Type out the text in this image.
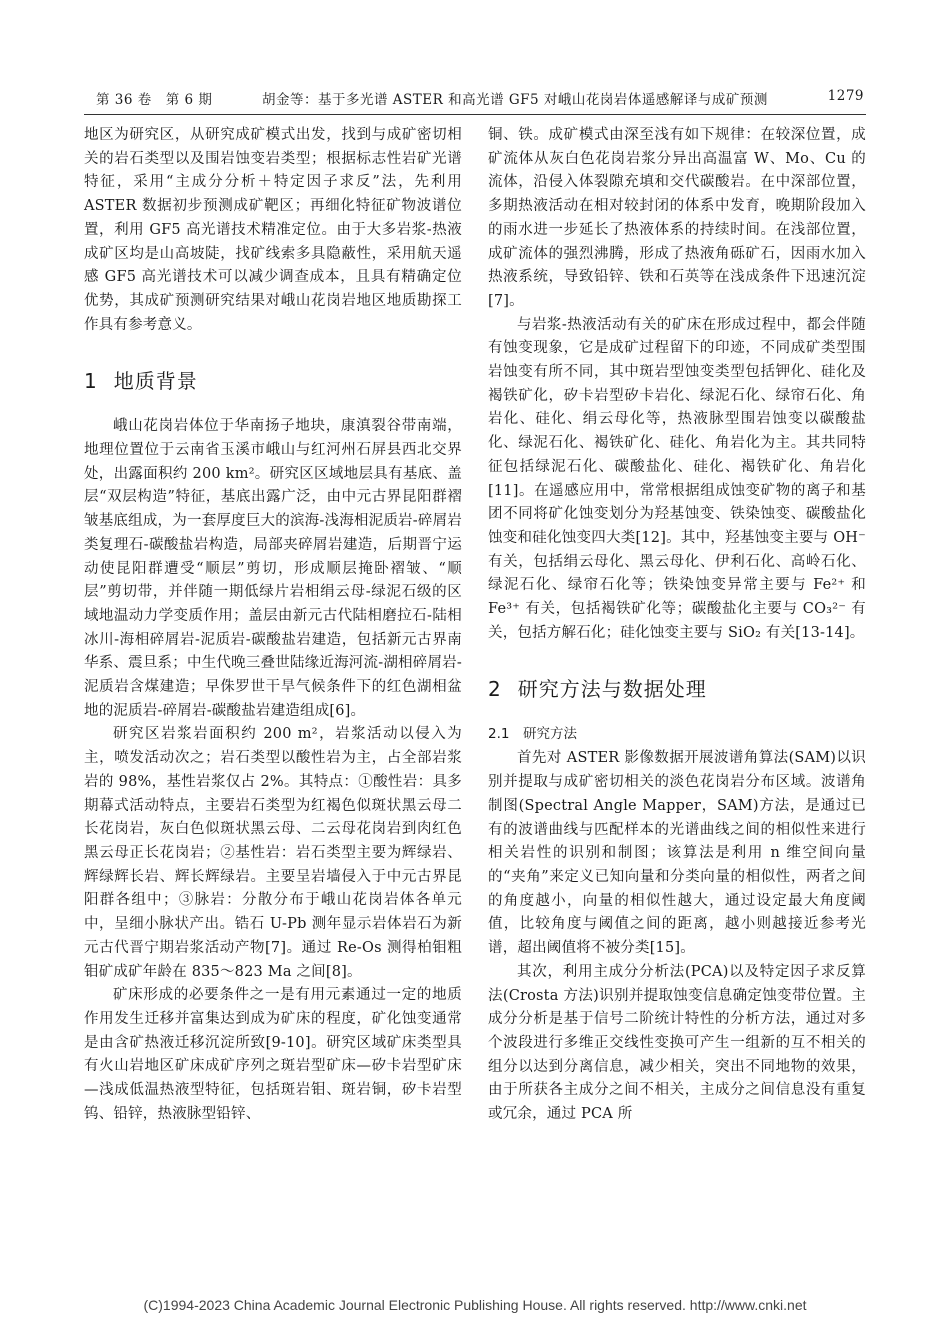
第 36 卷　第 6 期	胡金等：基于多光谱 ASTER 和高光谱 GF5 对峨山花岗岩体遥感解译与成矿预测	1279

地区为研究区，从研究成矿模式出发，找到与成矿密切相关的岩石类型以及围岩蚀变岩类型；根据标志性岩矿光谱特征，采用“主成分分析＋特定因子求反”法，先利用 ASTER 数据初步预测成矿靶区；再细化特征矿物波谱位置，利用 GF5 高光谱技术精准定位。由于大多岩浆-热液成矿区均是山高坡陡，找矿线索多具隐蔽性，采用航天遥感 GF5 高光谱技术可以减少调查成本，且具有精确定位优势，其成矿预测研究结果对峨山花岗岩地区地质勘探工作具有参考意义。

1 地质背景

峨山花岗岩体位于华南扬子地块，康滇裂谷带南端，地理位置位于云南省玉溪市峨山与红河州石屏县西北交界处，出露面积约 200 km²。研究区区域地层具有基底、盖层“双层构造”特征，基底出露广泛，由中元古界昆阳群褶皱基底组成，为一套厚度巨大的滨海-浅海相泥质岩-碎屑岩类复理石-碳酸盐岩构造，局部夹碎屑岩建造，后期晋宁运动使昆阳群遭受“顺层”剪切，形成顺层掩卧褶皱、“顺层”剪切带，并伴随一期低绿片岩相绢云母-绿泥石级的区域地温动力学变质作用；盖层由新元古代陆相磨拉石-陆相冰川-海相碎屑岩-泥质岩-碳酸盐岩建造，包括新元古界南华系、震旦系；中生代晚三叠世陆缘近海河流-湖相碎屑岩-泥质岩含煤建造；早侏罗世干旱气候条件下的红色湖相盆地的泥质岩-碎屑岩-碳酸盐岩建造组成[6]。

研究区岩浆岩面积约 200 m²，岩浆活动以侵入为主，喷发活动次之；岩石类型以酸性岩为主，占全部岩浆岩的 98%，基性岩浆仅占 2%。其特点：①酸性岩：具多期幕式活动特点，主要岩石类型为红褐色似斑状黑云母二长花岗岩，灰白色似斑状黑云母、二云母花岗岩到肉红色黑云母正长花岗岩；②基性岩：岩石类型主要为辉绿岩、辉绿辉长岩、辉长辉绿岩。主要呈岩墙侵入于中元古界昆阳群各组中；③脉岩：分散分布于峨山花岗岩体各单元中，呈细小脉状产出。锆石 U-Pb 测年显示岩体岩石为新元古代晋宁期岩浆活动产物[7]。通过 Re-Os 测得柏钼粗钼矿成矿年龄在 835～823 Ma 之间[8]。

矿床形成的必要条件之一是有用元素通过一定的地质作用发生迁移并富集达到成为矿床的程度，矿化蚀变通常是由含矿热液迁移沉淀所致[9-10]。研究区域矿床类型具有火山岩地区矿床成矿序列之斑岩型矿床—矽卡岩型矿床—浅成低温热液型特征，包括斑岩钼、斑岩铜，矽卡岩型钨、铅锌，热液脉型铅锌、

铜、铁。成矿模式由深至浅有如下规律：在较深位置，成矿流体从灰白色花岗岩浆分异出高温富 W、Mo、Cu 的流体，沿侵入体裂隙充填和交代碳酸岩。在中深部位置，多期热液活动在相对较封闭的体系中发育，晚期阶段加入的雨水进一步延长了热液体系的持续时间。在浅部位置，成矿流体的强烈沸腾，形成了热液角砾矿石，因雨水加入热液系统，导致铅锌、铁和石英等在浅成条件下迅速沉淀[7]。

与岩浆-热液活动有关的矿床在形成过程中，都会伴随有蚀变现象，它是成矿过程留下的印迹，不同成矿类型围岩蚀变有所不同，其中斑岩型蚀变类型包括钾化、硅化及褐铁矿化，矽卡岩型矽卡岩化、绿泥石化、绿帘石化、角岩化、硅化、绢云母化等，热液脉型围岩蚀变以碳酸盐化、绿泥石化、褐铁矿化、硅化、角岩化为主。其共同特征包括绿泥石化、碳酸盐化、硅化、褐铁矿化、角岩化[11]。在遥感应用中，常常根据组成蚀变矿物的离子和基团不同将矿化蚀变划分为羟基蚀变、铁染蚀变、碳酸盐化蚀变和硅化蚀变四大类[12]。其中，羟基蚀变主要与 OH⁻ 有关，包括绢云母化、黑云母化、伊利石化、高岭石化、绿泥石化、绿帘石化等；铁染蚀变异常主要与 Fe²⁺ 和 Fe³⁺ 有关，包括褐铁矿化等；碳酸盐化主要与 CO₃²⁻ 有关，包括方解石化；硅化蚀变主要与 SiO₂ 有关[13-14]。

2 研究方法与数据处理
2.1　研究方法

首先对 ASTER 影像数据开展波谱角算法(SAM)以识别并提取与成矿密切相关的淡色花岗岩分布区域。波谱角制图(Spectral Angle Mapper，SAM)方法，是通过已有的波谱曲线与匹配样本的光谱曲线之间的相似性来进行相关岩性的识别和制图；该算法是利用 n 维空间向量的“夹角”来定义已知向量和分类向量的相似性，两者之间的角度越小，向量的相似性越大，通过设定最大角度阈值，比较角度与阈值之间的距离，越小则越接近参考光谱，超出阈值将不被分类[15]。

其次，利用主成分分析法(PCA)以及特定因子求反算法(Crosta 方法)识别并提取蚀变信息确定蚀变带位置。主成分分析是基于信号二阶统计特性的分析方法，通过对多个波段进行多维正交线性变换可产生一组新的互不相关的组分以达到分离信息，减少相关，突出不同地物的效果，由于所获各主成分之间不相关，主成分之间信息没有重复或冗余，通过 PCA 所

(C)1994-2023 China Academic Journal Electronic Publishing House. All rights reserved. http://www.cnki.net
